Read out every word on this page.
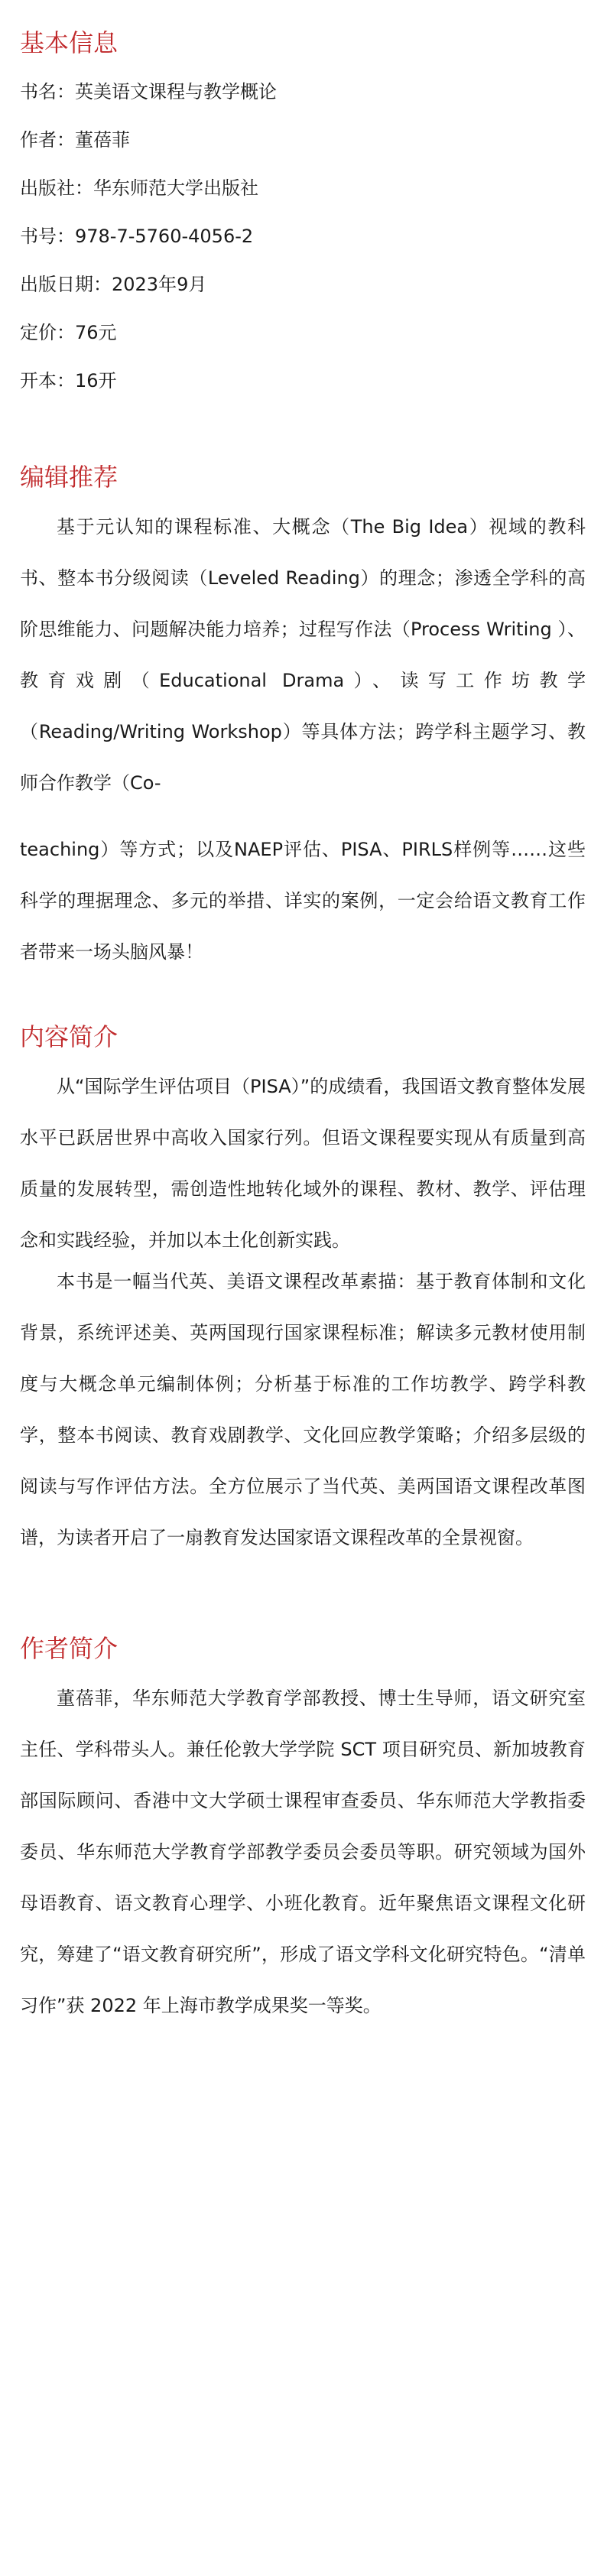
基本信息

书名：英美语文课程与教学概论

作者：董蓓菲

出版社：华东师范大学出版社

书号：978-7-5760-4056-2

出版日期：2023年9月

定价：76元

开本：16开

编辑推荐

基于元认知的课程标准、大概念（The Big Idea）视域的教科书、整本书分级阅读（Leveled Reading）的理念；渗透全学科的高阶思维能力、问题解决能力培养；过程写作法（Process Writing ）、教育戏剧（Educational Drama）、读写工作坊教学（Reading/Writing Workshop）等具体方法；跨学科主题学习、教师合作教学（Co-

teaching）等方式；以及NAEP评估、PISA、PIRLS样例等……这些科学的理据理念、多元的举措、详实的案例，一定会给语文教育工作者带来一场头脑风暴！

内容简介

从“国际学生评估项目（PISA）”的成绩看，我国语文教育整体发展水平已跃居世界中高收入国家行列。但语文课程要实现从有质量到高质量的发展转型，需创造性地转化域外的课程、教材、教学、评估理念和实践经验，并加以本土化创新实践。

本书是一幅当代英、美语文课程改革素描：基于教育体制和文化背景，系统评述美、英两国现行国家课程标准；解读多元教材使用制度与大概念单元编制体例；分析基于标准的工作坊教学、跨学科教学，整本书阅读、教育戏剧教学、文化回应教学策略；介绍多层级的阅读与写作评估方法。全方位展示了当代英、美两国语文课程改革图谱，为读者开启了一扇教育发达国家语文课程改革的全景视窗。

作者简介

董蓓菲，华东师范大学教育学部教授、博士生导师，语文研究室主任、学科带头人。兼任伦敦大学学院 SCT 项目研究员、新加坡教育部国际顾问、香港中文大学硕士课程审查委员、华东师范大学教指委委员、华东师范大学教育学部教学委员会委员等职。研究领域为国外母语教育、语文教育心理学、小班化教育。近年聚焦语文课程文化研究，筹建了“语文教育研究所”，形成了语文学科文化研究特色。“清单习作”获 2022 年上海市教学成果奖一等奖。
